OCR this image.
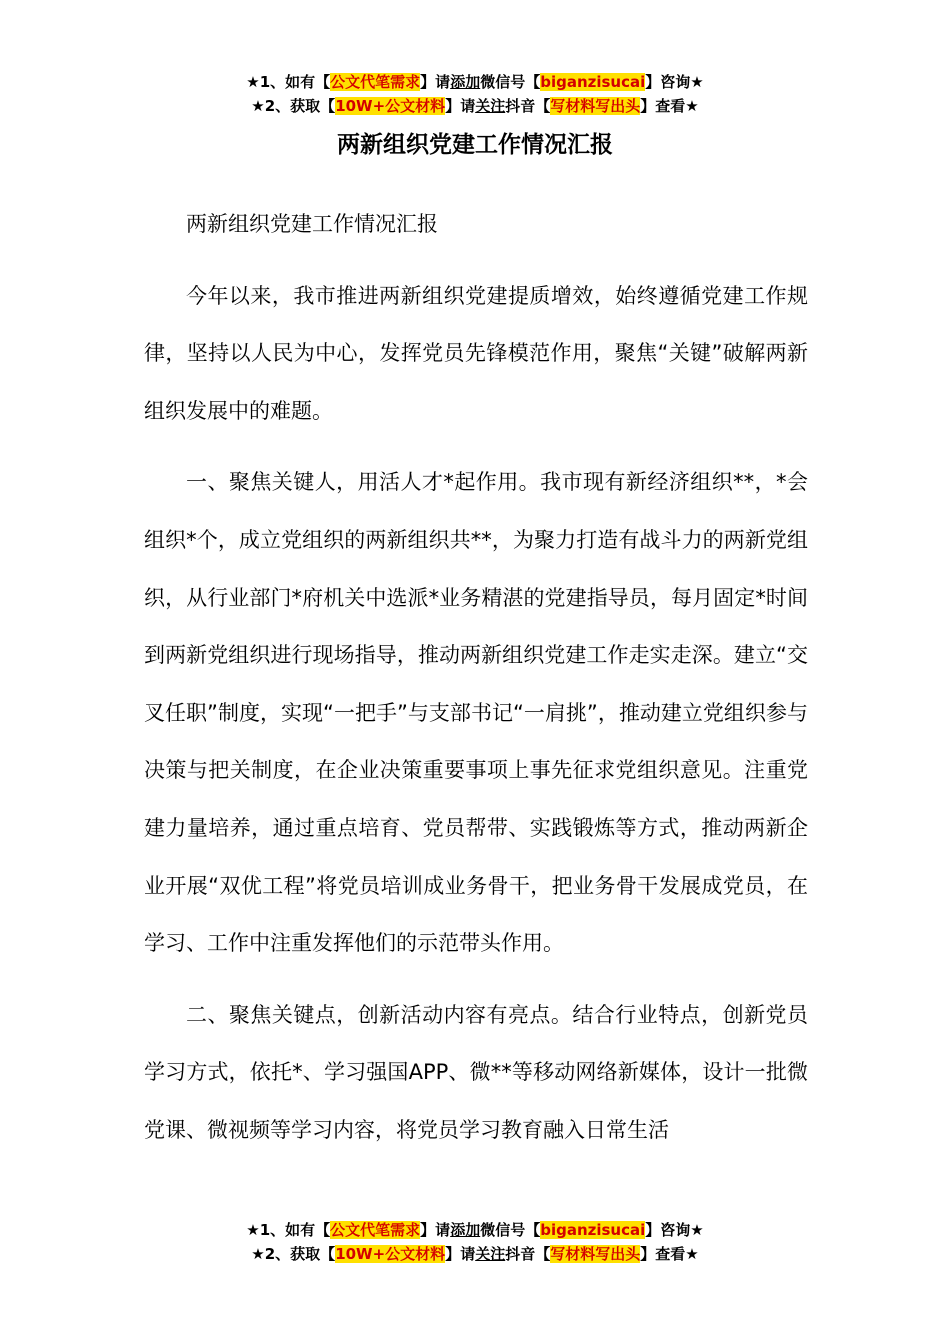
★1、如有【公文代笔需求】请添加微信号【biganzisucai】咨询★
★2、获取【10W+公文材料】请关注抖音【写材料写出头】查看★
两新组织党建工作情况汇报

两新组织党建工作情况汇报

今年以来，我市推进两新组织党建提质增效，始终遵循党建工作规律，坚持以人民为中心，发挥党员先锋模范作用，聚焦“关键”破解两新组织发展中的难题。

一、聚焦关键人，用活人才*起作用。我市现有新经济组织**，*会组织*个，成立党组织的两新组织共**，为聚力打造有战斗力的两新党组织，从行业部门*府机关中选派*业务精湛的党建指导员，每月固定*时间到两新党组织进行现场指导，推动两新组织党建工作走实走深。建立“交叉任职”制度，实现“一把手”与支部书记“一肩挑”，推动建立党组织参与决策与把关制度，在企业决策重要事项上事先征求党组织意见。注重党建力量培养，通过重点培育、党员帮带、实践锻炼等方式，推动两新企业开展“双优工程”将党员培训成业务骨干，把业务骨干发展成党员，在学习、工作中注重发挥他们的示范带头作用。

二、聚焦关键点，创新活动内容有亮点。结合行业特点，创新党员学习方式，依托*、学习强国APP、微**等移动网络新媒体，设计一批微党课、微视频等学习内容，将党员学习教育融入日常生活

★1、如有【公文代笔需求】请添加微信号【biganzisucai】咨询★
★2、获取【10W+公文材料】请关注抖音【写材料写出头】查看★
